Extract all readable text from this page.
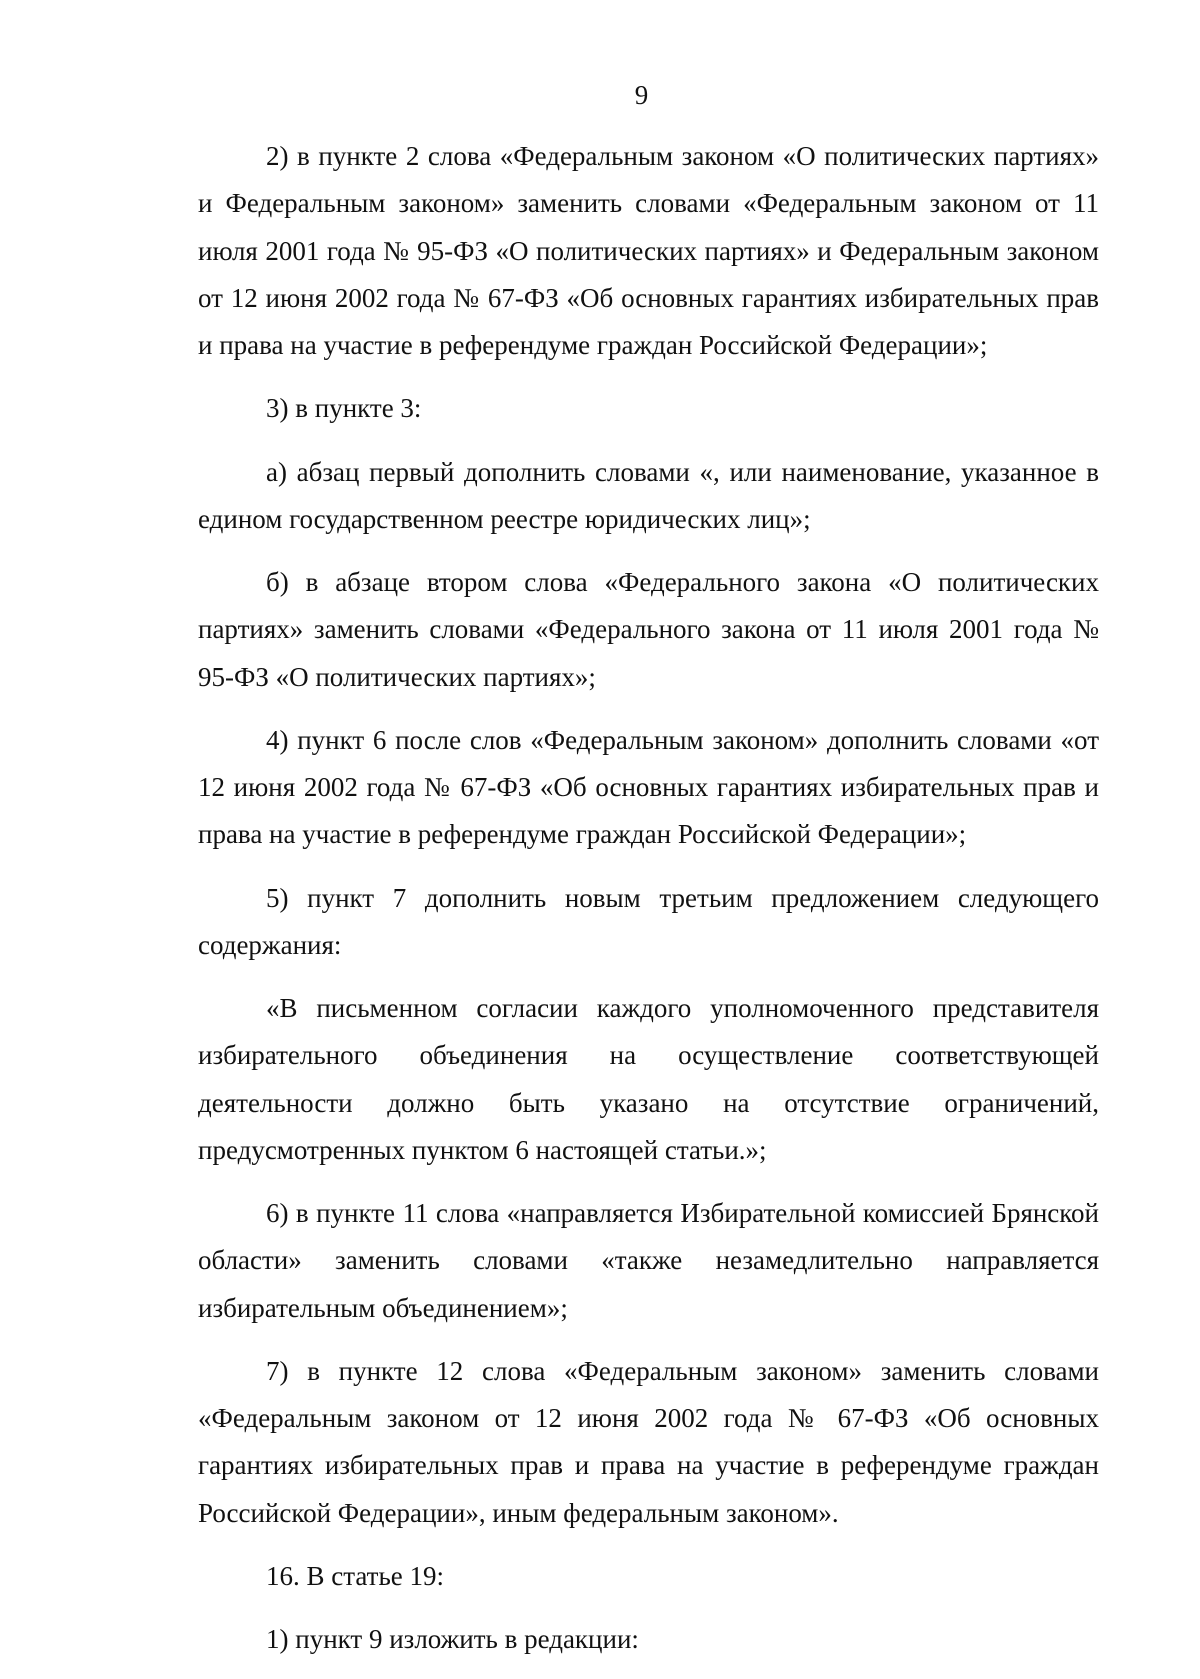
9

2) в пункте 2 слова «Федеральным законом «О политических партиях» и Федеральным законом» заменить словами «Федеральным законом от 11 июля 2001 года № 95-ФЗ «О политических партиях» и Федеральным законом от 12 июня 2002 года № 67-ФЗ «Об основных гарантиях избирательных прав и права на участие в референдуме граждан Российской Федерации»;

3) в пункте 3:

а) абзац первый дополнить словами «, или наименование, указанное в едином государственном реестре юридических лиц»;

б) в абзаце втором слова «Федерального закона «О политических партиях» заменить словами «Федерального закона от 11 июля 2001 года № 95-ФЗ «О политических партиях»;

4) пункт 6 после слов «Федеральным законом» дополнить словами «от 12 июня 2002 года № 67-ФЗ «Об основных гарантиях избирательных прав и права на участие в референдуме граждан Российской Федерации»;

5) пункт 7 дополнить новым третьим предложением следующего содержания:

«В письменном согласии каждого уполномоченного представителя избирательного объединения на осуществление соответствующей деятельности должно быть указано на отсутствие ограничений, предусмотренных пунктом 6 настоящей статьи.»;

6) в пункте 11 слова «направляется Избирательной комиссией Брянской области» заменить словами «также незамедлительно направляется избирательным объединением»;

7) в пункте 12 слова «Федеральным законом» заменить словами «Федеральным законом от 12 июня 2002 года № 67-ФЗ «Об основных гарантиях избирательных прав и права на участие в референдуме граждан Российской Федерации», иным федеральным законом».

16. В статье 19:

1) пункт 9 изложить в редакции:
